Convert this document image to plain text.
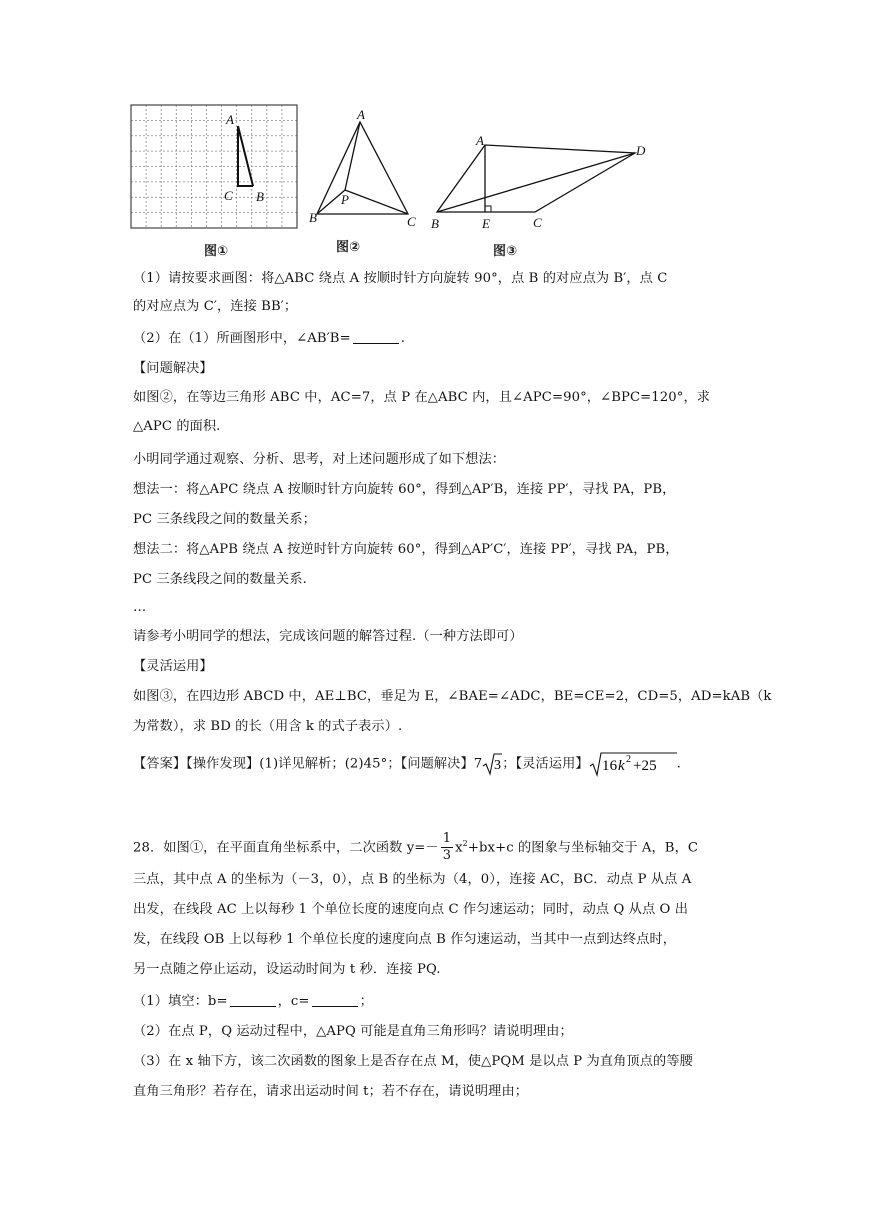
A
C B
图①
A
B	C
P
图②
A
B	E	C
D
图③
（1）请按要求画图：将△ABC 绕点 A 按顺时针方向旋转 90°，点 B 的对应点为 B′，点 C
的对应点为 C′，连接 BB′；
（2）在（1）所画图形中，∠AB′B=	.
【问题解决】
如图②，在等边三角形 ABC 中，AC=7，点 P 在△ABC 内，且∠APC=90°，∠BPC=120°，求
△APC 的面积.
小明同学通过观察、分析、思考，对上述问题形成了如下想法：
想法一：将△APC 绕点 A 按顺时针方向旋转 60°，得到△AP′B，连接 PP′，寻找 PA，PB，
PC 三条线段之间的数量关系；
想法二：将△APB 绕点 A 按逆时针方向旋转 60°，得到△AP′C′，连接 PP′，寻找 PA，PB，
PC 三条线段之间的数量关系.
…
请参考小明同学的想法，完成该问题的解答过程.（一种方法即可）
【灵活运用】
如图③，在四边形 ABCD 中，AE⊥BC，垂足为 E，∠BAE=∠ADC，BE=CE=2，CD=5，AD=kAB（k
为常数），求 BD 的长（用含 k 的式子表示）.
【答案】【操作发现】(1)详见解析；(2)45°；【问题解决】7 3 ；【灵活运用】 16 k 2 +25 .
28．如图①，在平面直角坐标系中，二次函数 $y=- \frac{1}{3} x^2+bx+c$ 的图象与坐标轴交于 A，B，C
三点，其中点 A 的坐标为（－3，0），点 B 的坐标为（4，0），连接 AC，BC．动点 P 从点 A
出发，在线段 AC 上以每秒 1 个单位长度的速度向点 C 作匀速运动；同时，动点 Q 从点 O 出
发，在线段 OB 上以每秒 1 个单位长度的速度向点 B 作匀速运动，当其中一点到达终点时，
另一点随之停止运动，设运动时间为 t 秒．连接 PQ.
（1）填空：b=	，c=	；
（2）在点 P，Q 运动过程中，△APQ 可能是直角三角形吗？请说明理由；
（3）在 x 轴下方，该二次函数的图象上是否存在点 M，使△PQM 是以点 P 为直角顶点的等腰
直角三角形？若存在，请求出运动时间 t；若不存在，请说明理由；
